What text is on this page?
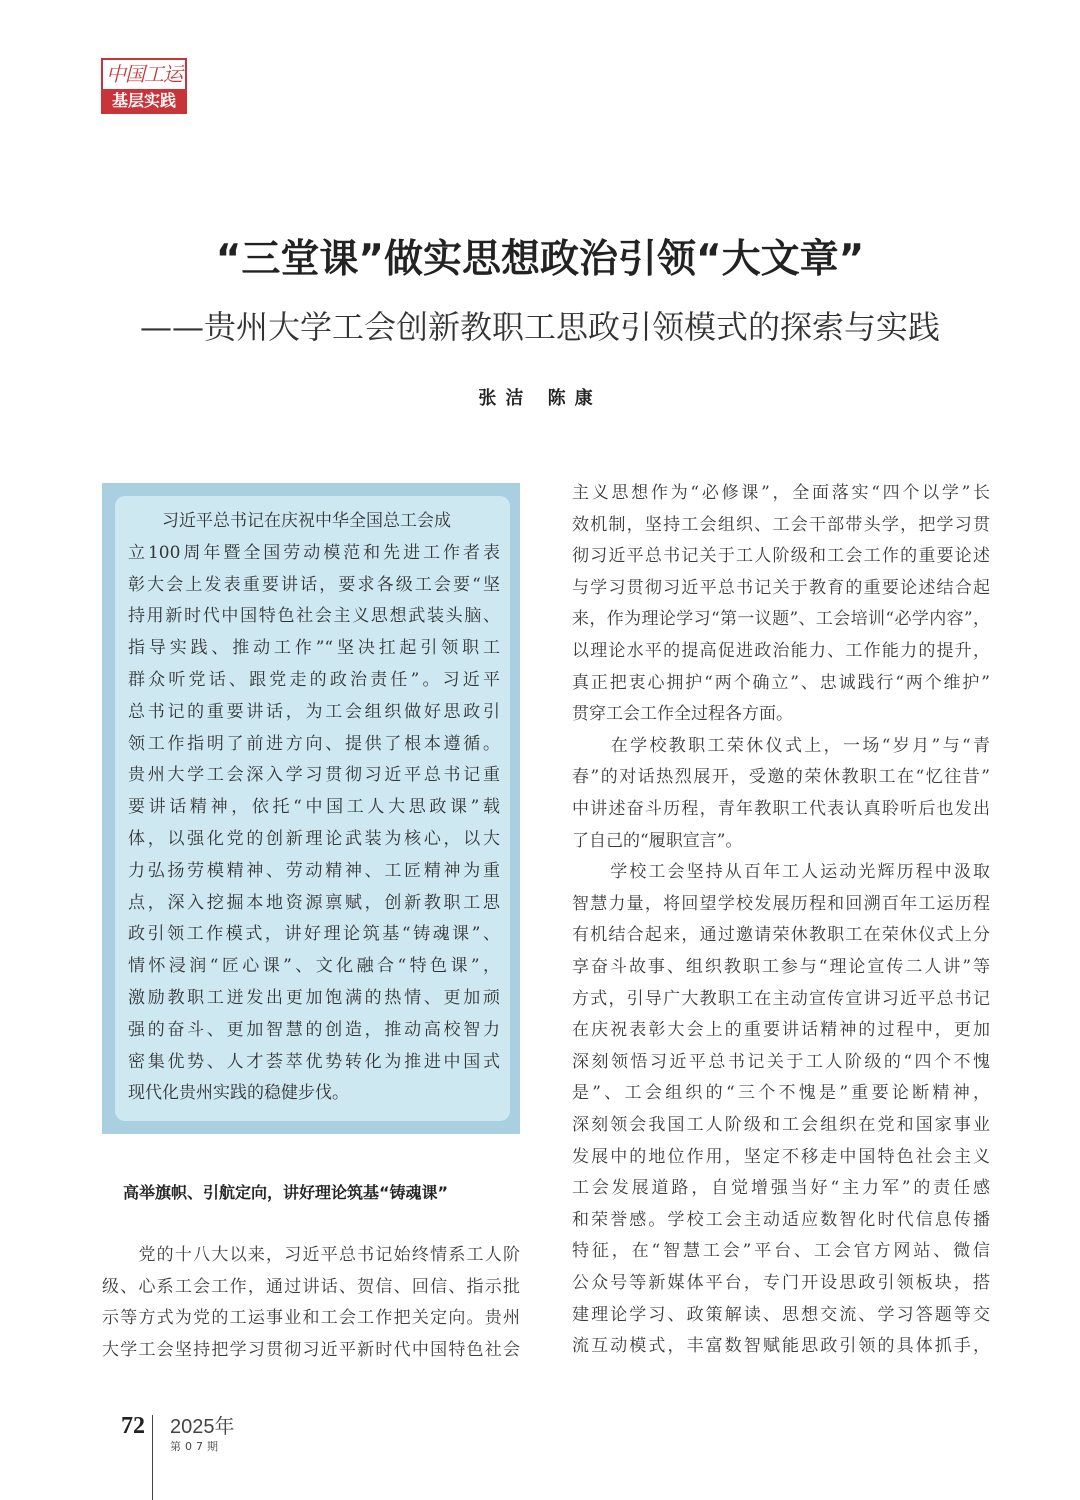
中国工运
基层实践
“三堂课”做实思想政治引领“大文章”
——贵州大学工会创新教职工思政引领模式的探索与实践
张洁 陈康
　　习近平总书记在庆祝中华全国总工会成
立100周年暨全国劳动模范和先进工作者表
彰大会上发表重要讲话，要求各级工会要“坚
持用新时代中国特色社会主义思想武装头脑、
指导实践、推动工作”“坚决扛起引领职工
群众听党话、跟党走的政治责任”。习近平
总书记的重要讲话，为工会组织做好思政引
领工作指明了前进方向、提供了根本遵循。
贵州大学工会深入学习贯彻习近平总书记重
要讲话精神，依托“中国工人大思政课”载
体，以强化党的创新理论武装为核心，以大
力弘扬劳模精神、劳动精神、工匠精神为重
点，深入挖掘本地资源禀赋，创新教职工思
政引领工作模式，讲好理论筑基“铸魂课”、
情怀浸润“匠心课”、文化融合“特色课”，
激励教职工迸发出更加饱满的热情、更加顽
强的奋斗、更加智慧的创造，推动高校智力
密集优势、人才荟萃优势转化为推进中国式
现代化贵州实践的稳健步伐。
高举旗帜、引航定向，讲好理论筑基“铸魂课”
　　党的十八大以来，习近平总书记始终情系工人阶
级、心系工会工作，通过讲话、贺信、回信、指示批
示等方式为党的工运事业和工会工作把关定向。贵州
大学工会坚持把学习贯彻习近平新时代中国特色社会
主义思想作为“必修课”，全面落实“四个以学”长
效机制，坚持工会组织、工会干部带头学，把学习贯
彻习近平总书记关于工人阶级和工会工作的重要论述
与学习贯彻习近平总书记关于教育的重要论述结合起
来，作为理论学习“第一议题”、工会培训“必学内容”，
以理论水平的提高促进政治能力、工作能力的提升，
真正把衷心拥护“两个确立”、忠诚践行“两个维护”
贯穿工会工作全过程各方面。
　　在学校教职工荣休仪式上，一场“岁月”与“青
春”的对话热烈展开，受邀的荣休教职工在“忆往昔”
中讲述奋斗历程，青年教职工代表认真聆听后也发出
了自己的“履职宣言”。
　　学校工会坚持从百年工人运动光辉历程中汲取
智慧力量，将回望学校发展历程和回溯百年工运历程
有机结合起来，通过邀请荣休教职工在荣休仪式上分
享奋斗故事、组织教职工参与“理论宣传二人讲”等
方式，引导广大教职工在主动宣传宣讲习近平总书记
在庆祝表彰大会上的重要讲话精神的过程中，更加
深刻领悟习近平总书记关于工人阶级的“四个不愧
是”、工会组织的“三个不愧是”重要论断精神，
深刻领会我国工人阶级和工会组织在党和国家事业
发展中的地位作用，坚定不移走中国特色社会主义
工会发展道路，自觉增强当好“主力军”的责任感
和荣誉感。学校工会主动适应数智化时代信息传播
特征，在“智慧工会”平台、工会官方网站、微信
公众号等新媒体平台，专门开设思政引领板块，搭
建理论学习、政策解读、思想交流、学习答题等交
流互动模式，丰富数智赋能思政引领的具体抓手，
72 2025年
第07期
